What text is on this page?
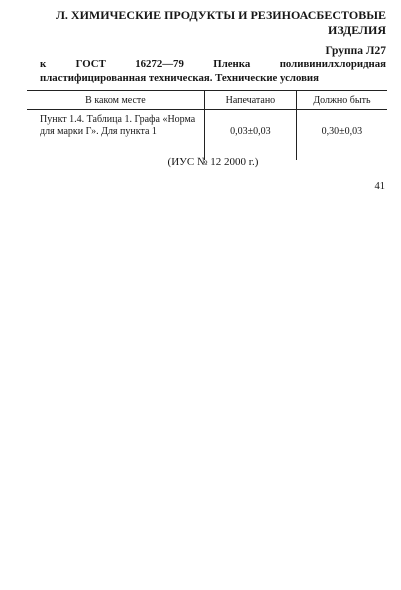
Л. ХИМИЧЕСКИЕ ПРОДУКТЫ И РЕЗИНОАСБЕСТОВЫЕ
ИЗДЕЛИЯ
Группа Л27
к ГОСТ 16272—79 Пленка поливинилхлоридная пластифицированная техническая. Технические условия
В каком месте	Напечатано	Должно быть
Пункт 1.4. Таблица 1. Графа «Норма для марки Г». Для пункта 1	0,03±0,03	0,30±0,03
(ИУС № 12 2000 г.)
41
